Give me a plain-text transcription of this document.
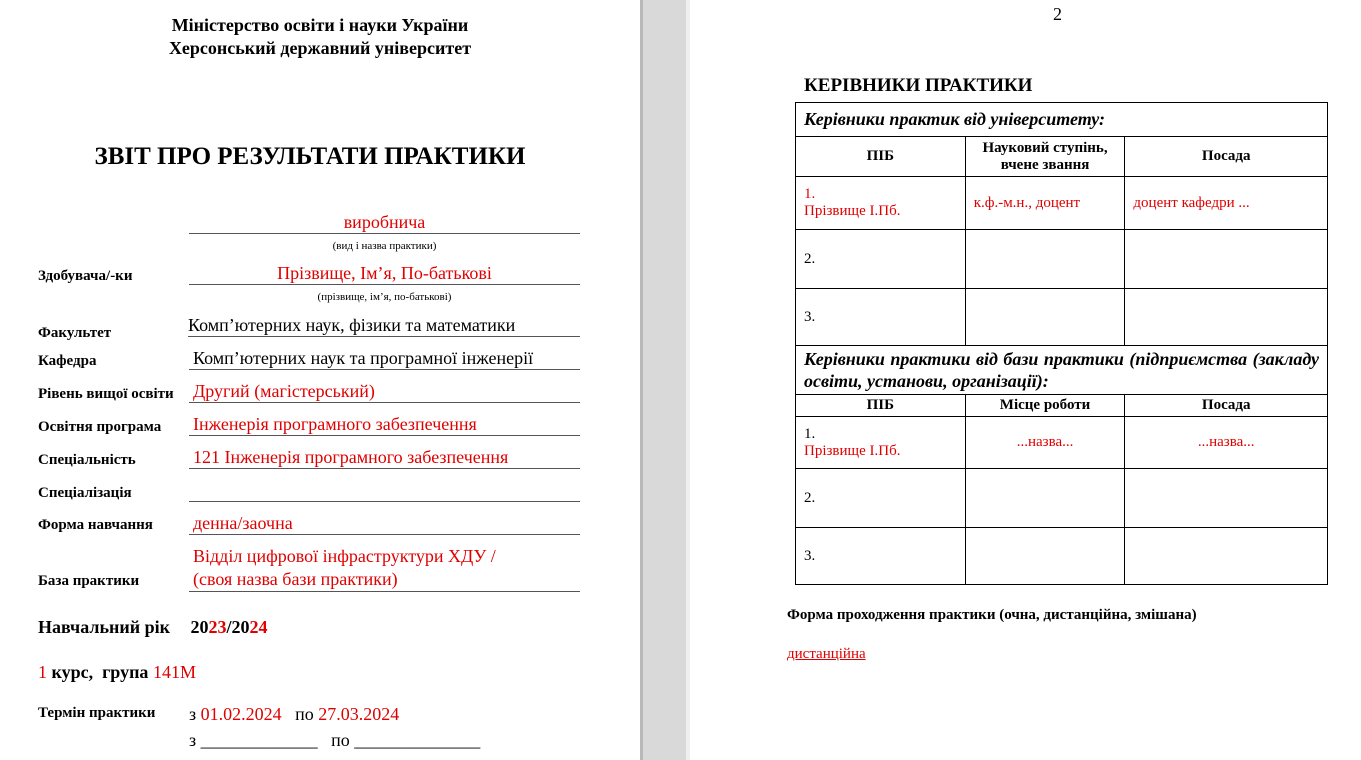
Міністерство освіти і науки України
Херсонський державний університет
ЗВІТ ПРО РЕЗУЛЬТАТИ ПРАКТИКИ
виробнича
(вид і назва практики)
Здобувача/-ки	Прізвище, Ім’я, По-батькові
(прізвище, ім’я, по-батькові)
Факультет	Комп’ютерних наук, фізики та математики
Кафедра	Комп’ютерних наук та програмної інженерії
Рівень вищої освіти Другий (магістерський)
Освітня програма Інженерія програмного забезпечення
Спеціальність	121 Інженерія програмного забезпечення
Спеціалізація
Форма навчання денна/заочна
База практики
Відділ цифрової інфраструктури ХДУ /
(своя назва бази практики)
Навчальний рік 2023/2024
1 курс,  група 141М
Термін практики з 01.02.2024   по 27.03.2024
з _____________   по ______________
2
КЕРІВНИКИ ПРАКТИКИ
Керівники практик від університету:		
ПІБ	Науковий ступінь, вчене звання	Посада

1.
Прізвище І.Пб.	к.ф.-м.н., доцент	доцент кафедри ...
2.		
3.		
Керівники практики від бази практики (підприємства (закладу освіти, установи, організації):		
ПІБ	Місце роботи	Посада

1.
Прізвище І.Пб.	...назва...	...назва...
2.		
3.		
Форма проходження практики (очна, дистанційна, змішана)
дистанційна
